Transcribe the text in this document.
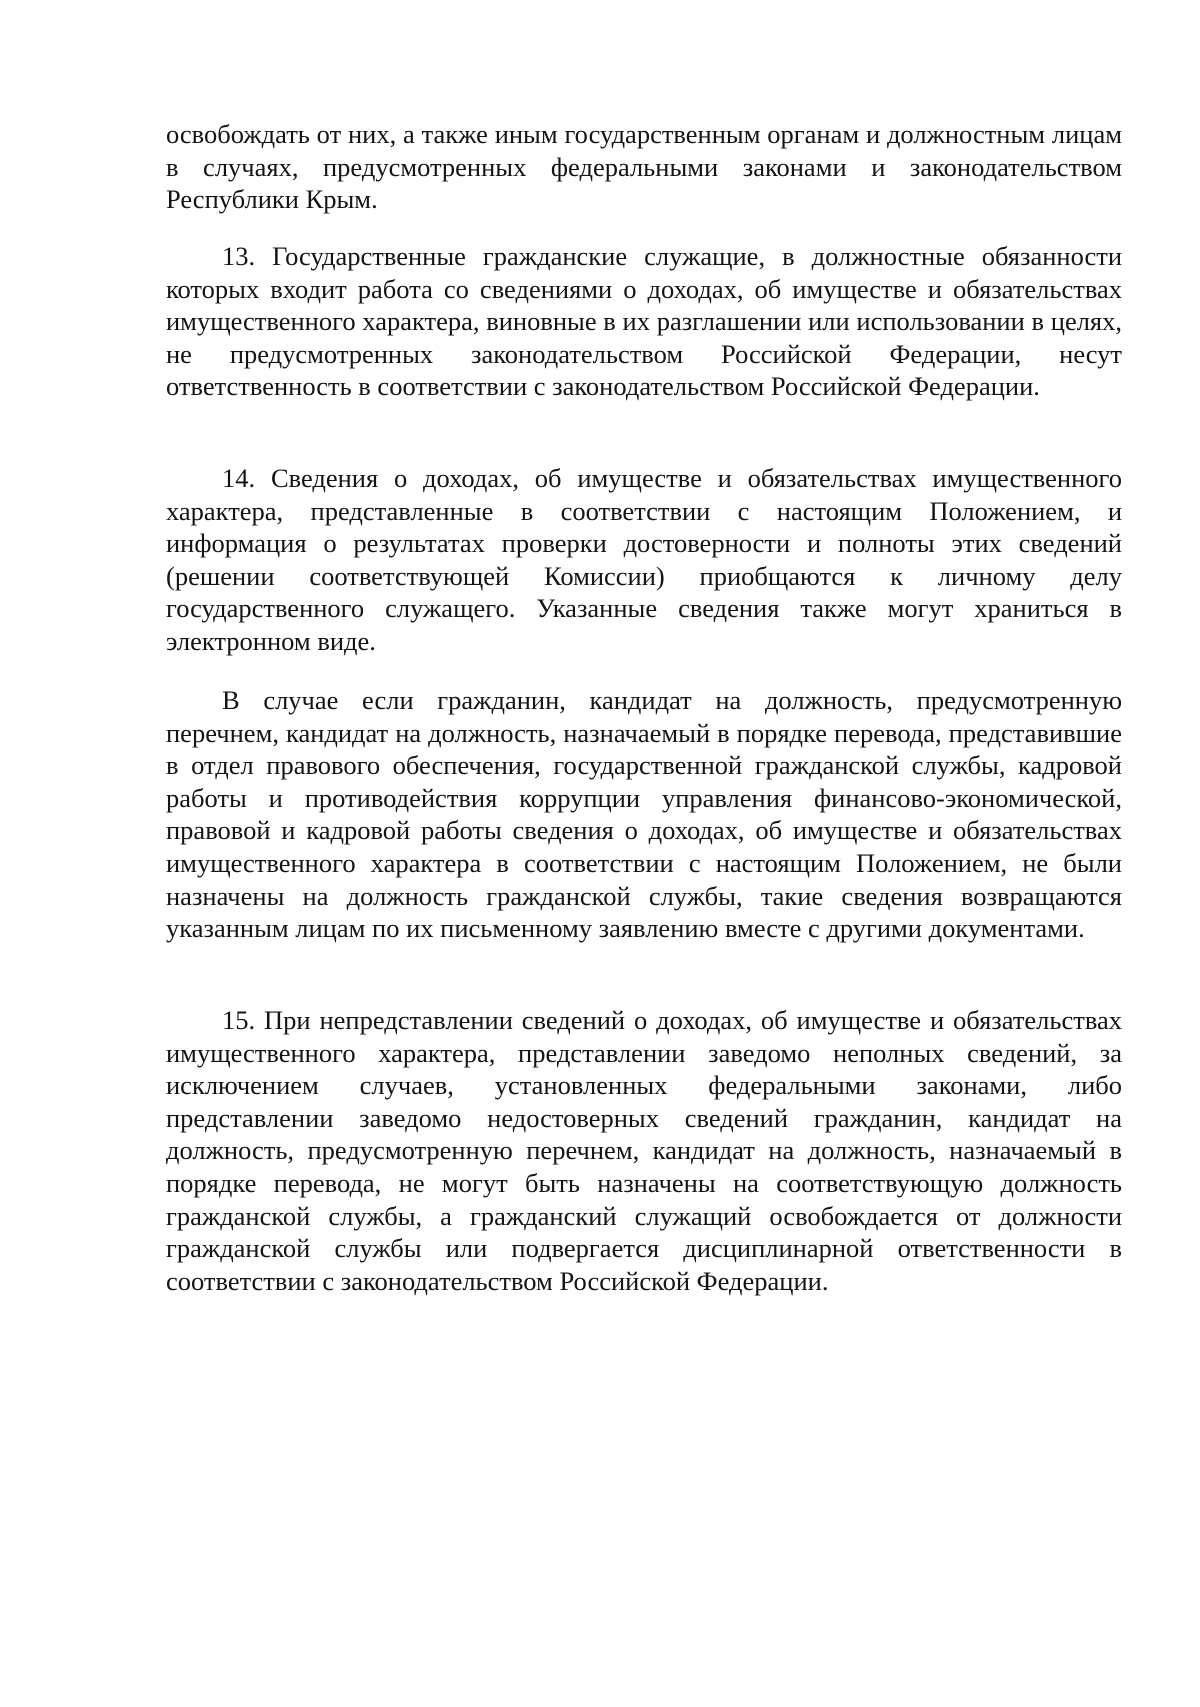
освобождать от них, а также иным государственным органам и должностным лицам в случаях, предусмотренных федеральными законами и законодательством Республики Крым.

13. Государственные гражданские служащие, в должностные обязанности которых входит работа со сведениями о доходах, об имуществе и обязательствах имущественного характера, виновные в их разглашении или использовании в целях, не предусмотренных законодательством Российской Федерации, несут ответственность в соответствии с законодательством Российской Федерации.

14. Сведения о доходах, об имуществе и обязательствах имущественного характера, представленные в соответствии с настоящим Положением, и информация о результатах проверки достоверности и полноты этих сведений (решении соответствующей Комиссии) приобщаются к личному делу государственного служащего. Указанные сведения также могут храниться в электронном виде.

В случае если гражданин, кандидат на должность, предусмотренную перечнем, кандидат на должность, назначаемый в порядке перевода, представившие в отдел правового обеспечения, государственной гражданской службы, кадровой работы и противодействия коррупции управления финансово-экономической, правовой и кадровой работы сведения о доходах, об имуществе и обязательствах имущественного характера в соответствии с настоящим Положением, не были назначены на должность гражданской службы, такие сведения возвращаются указанным лицам по их письменному заявлению вместе с другими документами.

15. При непредставлении сведений о доходах, об имуществе и обязательствах имущественного характера, представлении заведомо неполных сведений, за исключением случаев, установленных федеральными законами, либо представлении заведомо недостоверных сведений гражданин, кандидат на должность, предусмотренную перечнем, кандидат на должность, назначаемый в порядке перевода, не могут быть назначены на соответствующую должность гражданской службы, а гражданский служащий освобождается от должности гражданской службы или подвергается дисциплинарной ответственности в соответствии с законодательством Российской Федерации.
